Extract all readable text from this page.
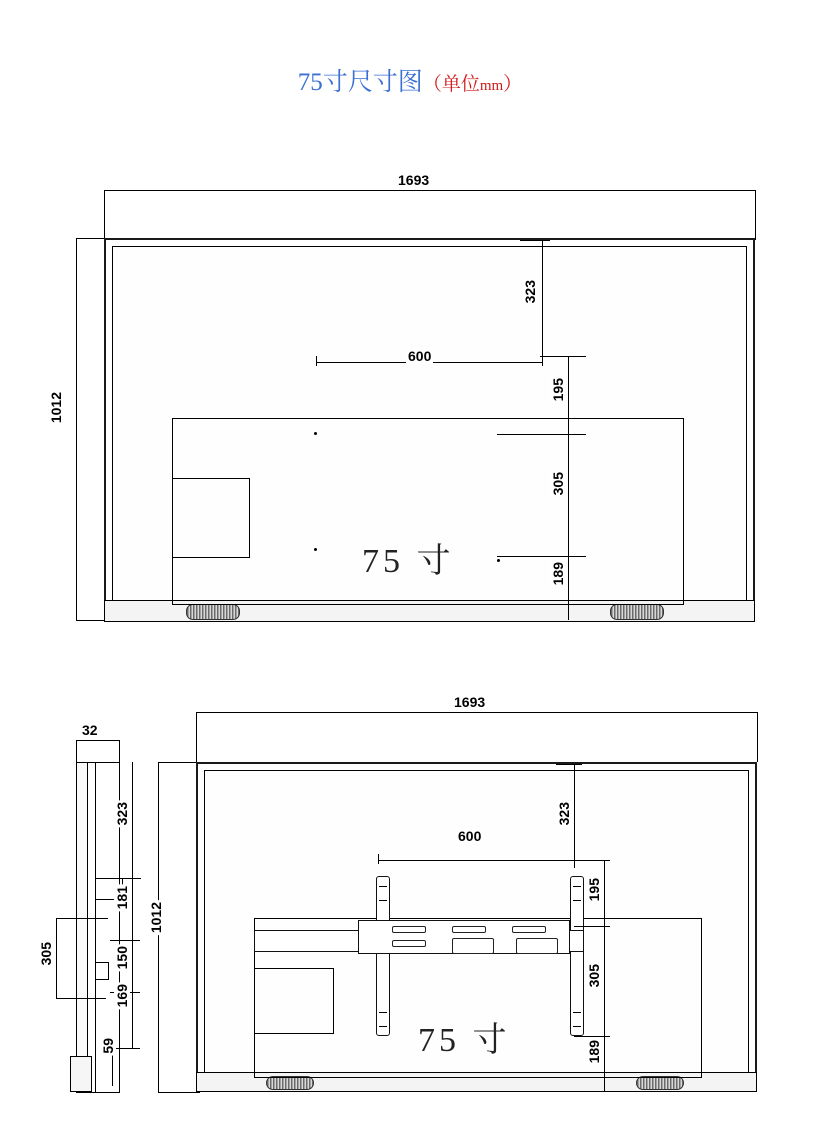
75寸尺寸图（单位mm）
1693
1012
75 寸
323
600
195
305
189
32
323
181
150
169
59
305
1693
1012
75 寸
323
600
195
305
189
